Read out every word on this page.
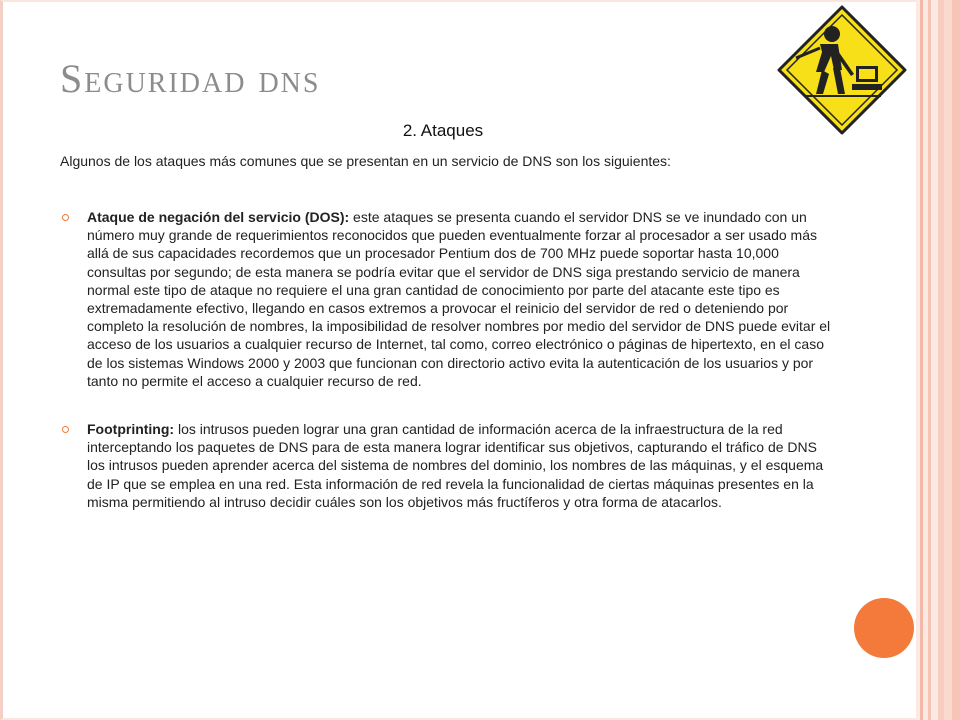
Seguridad dns
2. Ataques

Algunos de los ataques más comunes que se presentan en un servicio de DNS son los siguientes:

Ataque de negación del servicio (DOS): este ataques se presenta cuando el servidor DNS se ve inundado con un número muy grande de requerimientos reconocidos que pueden eventualmente forzar al procesador a ser usado más allá de sus capacidades recordemos que un procesador Pentium dos de 700 MHz puede soportar hasta 10,000 consultas por segundo; de esta manera se podría evitar que el servidor de DNS siga prestando servicio de manera normal este tipo de ataque no requiere el una gran cantidad de conocimiento por parte del atacante este tipo es extremadamente efectivo, llegando en casos extremos a provocar el reinicio del servidor de red o deteniendo por completo la resolución de nombres, la imposibilidad de resolver nombres por medio del servidor de DNS puede evitar el acceso de los usuarios a cualquier recurso de Internet, tal como, correo electrónico o páginas de hipertexto, en el caso de los sistemas Windows 2000 y 2003 que funcionan con directorio activo evita la autenticación de los usuarios y por tanto no permite el acceso a cualquier recurso de red.
Footprinting: los intrusos pueden lograr una gran cantidad de información acerca de la infraestructura de la red interceptando los paquetes de DNS para de esta manera lograr identificar sus objetivos, capturando el tráfico de DNS los intrusos pueden aprender acerca del sistema de nombres del dominio, los nombres de las máquinas, y el esquema de IP que se emplea en una red. Esta información de red revela la funcionalidad de ciertas máquinas presentes en la misma permitiendo al intruso decidir cuáles son los objetivos más fructíferos y otra forma de atacarlos.
